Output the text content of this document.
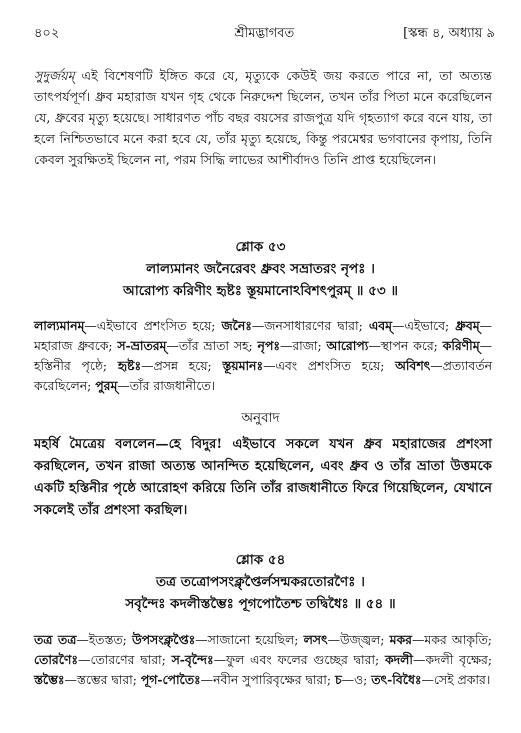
৪০২	শ্রীমদ্ভাগবত	[স্কন্ধ ৪, অধ্যায় ৯
সুদুর্জয়ম্ এই বিশেষণটি ইঙ্গিত করে যে, মৃত্যুকে কেউই জয় করতে পারে না, তা অত্যন্ত তাৎপর্যপূর্ণ। ধ্রুব মহারাজ যখন গৃহ থেকে নিরুদ্দেশ ছিলেন, তখন তাঁর পিতা মনে করেছিলেন যে, ধ্রুবের মৃত্যু হয়েছে। সাধারণত পাঁচ বছর বয়সের রাজপুত্র যদি গৃহত্যাগ করে বনে যায়, তা হলে নিশ্চিতভাবে মনে করা হবে যে, তাঁর মৃত্যু হয়েছে, কিন্তু পরমেশ্বর ভগবানের কৃপায়, তিনি কেবল সুরক্ষিতই ছিলেন না, পরম সিদ্ধি লাভের আশীর্বাদও তিনি প্রাপ্ত হয়েছিলেন।
শ্লোক ৫৩
লাল্যমানং জনৈরেবং ধ্রুবং সভ্রাতরং নৃপঃ ।
আরোপ্য করিণীং হৃষ্টঃ স্তূয়মানোঽবিশৎপুরম্ ॥ ৫৩ ॥
লাল্যমানম্—এইভাবে প্রশংসিত হয়ে; জনৈঃ—জনসাধারণের দ্বারা; এবম্—এইভাবে; ধ্রুবম্—মহারাজ ধ্রুবকে; স-ভ্রাতরম্—তাঁর ভ্রাতা সহ; নৃপঃ—রাজা; আরোপ্য—স্থাপন করে; করিণীম্—হস্তিনীর পৃষ্ঠে; হৃষ্টঃ—প্রসন্ন হয়ে; স্তূয়মানঃ—এবং প্রশংসিত হয়ে; অবিশৎ—প্রত্যাবর্তন করেছিলেন; পুরম্—তাঁর রাজধানীতে।
অনুবাদ
মহর্ষি মৈত্রেয় বললেন—হে বিদুর! এইভাবে সকলে যখন ধ্রুব মহারাজের প্রশংসা করছিলেন, তখন রাজা অত্যন্ত আনন্দিত হয়েছিলেন, এবং ধ্রুব ও তাঁর ভ্রাতা উত্তমকে একটি হস্তিনীর পৃষ্ঠে আরোহণ করিয়ে তিনি তাঁর রাজধানীতে ফিরে গিয়েছিলেন, যেখানে সকলেই তাঁর প্রশংসা করছিল।
শ্লোক ৫৪
তত্র তত্রোপসংক্লৃপ্তৈর্লসন্মকরতোরণৈঃ ।
সবৃন্দৈঃ কদলীস্তম্ভৈঃ পূগপোতৈশ্চ তদ্বিধৈঃ ॥ ৫৪ ॥
তত্র তত্র—ইতস্তত; উপসংক্লৃপ্তৈঃ—সাজানো হয়েছিল; লসৎ—উজ্জ্বল; মকর—মকর আকৃতি; তোরণৈঃ—তোরণের দ্বারা; স-বৃন্দৈঃ—ফুল এবং ফলের গুচ্ছের দ্বারা; কদলী—কদলী বৃক্ষের; স্তম্ভৈঃ—স্তম্ভের দ্বারা; পূগ-পোতৈঃ—নবীন সুপারিবৃক্ষের দ্বারা; চ—ও; তৎ-বিধৈঃ—সেই প্রকার।
